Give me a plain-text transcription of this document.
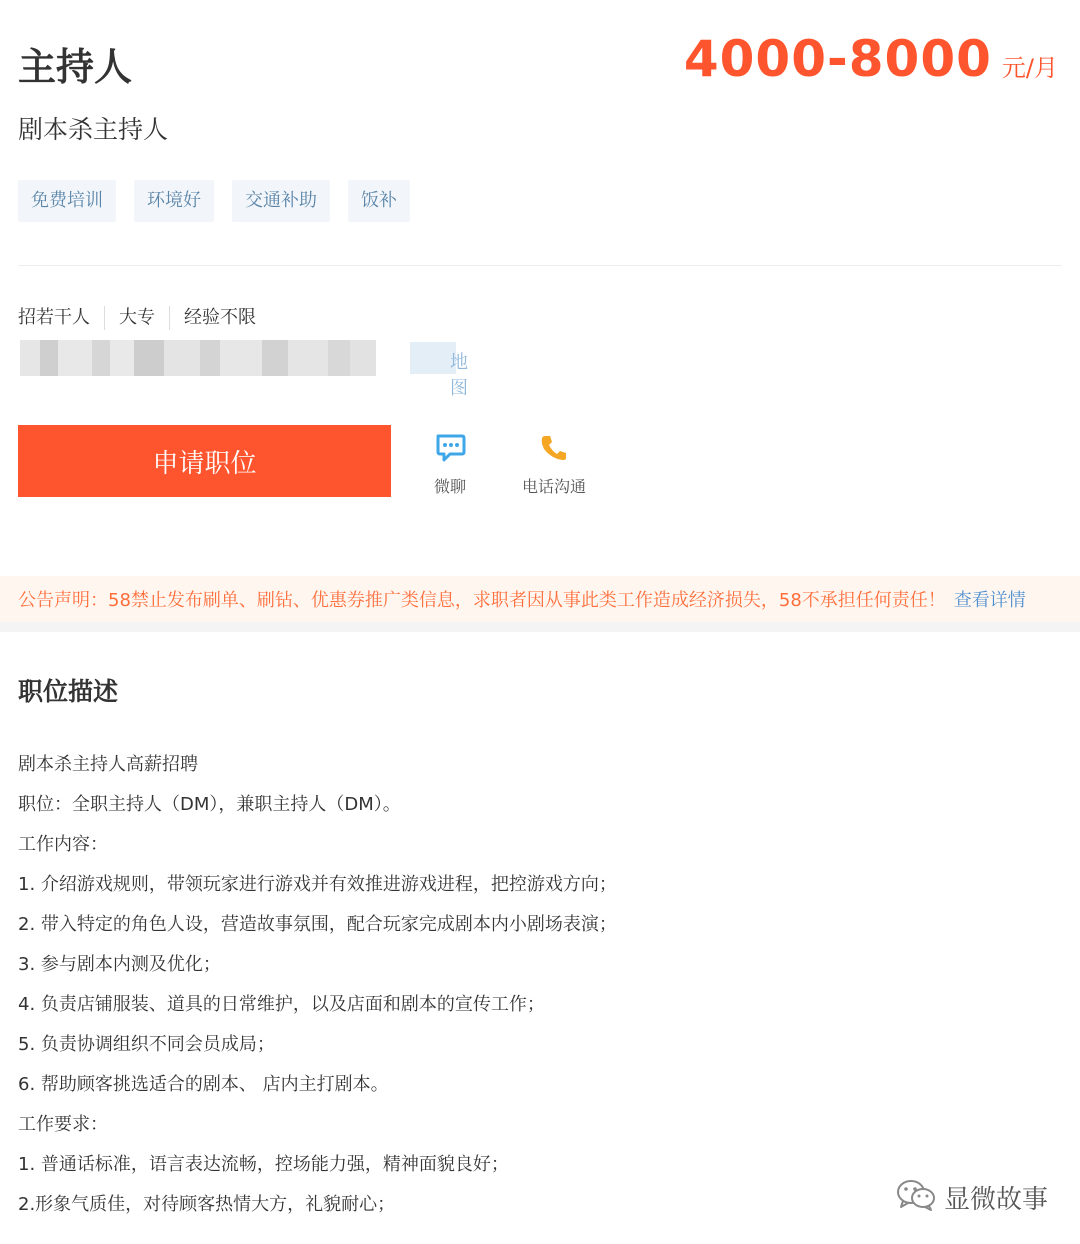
主持人	4000-8000 元/月
剧本杀主持人
免费培训	环境好	交通补助	饭补
招若干人	大专	经验不限
地图
申请职位
微聊	电话沟通
公告声明：58禁止发布刷单、刷钻、优惠券推广类信息，求职者因从事此类工作造成经济损失，58不承担任何责任！ 查看详情
职位描述
剧本杀主持人高薪招聘
职位：全职主持人（DM），兼职主持人（DM）。
工作内容：
1. 介绍游戏规则，带领玩家进行游戏并有效推进游戏进程，把控游戏方向；
2. 带入特定的角色人设，营造故事氛围，配合玩家完成剧本内小剧场表演；
3. 参与剧本内测及优化；
4. 负责店铺服装、道具的日常维护，以及店面和剧本的宣传工作；
5. 负责协调组织不同会员成局；
6. 帮助顾客挑选适合的剧本、 店内主打剧本。
工作要求：
1. 普通话标准，语言表达流畅，控场能力强，精神面貌良好；
2.形象气质佳，对待顾客热情大方，礼貌耐心；	显微故事
